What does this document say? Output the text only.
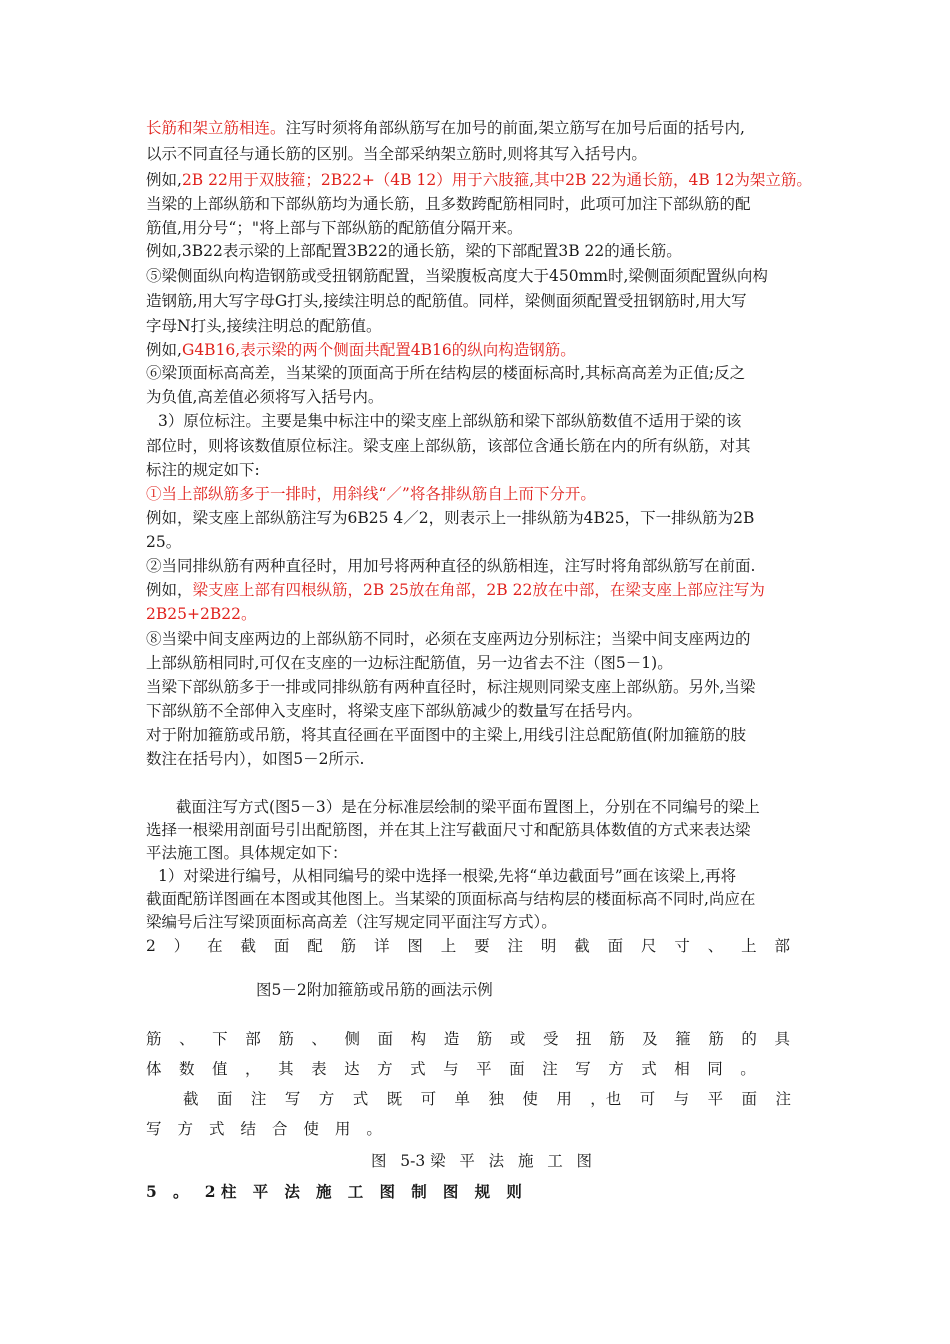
长筋和架立筋相连。注写时须将角部纵筋写在加号的前面,架立筋写在加号后面的括号内,
以示不同直径与通长筋的区别。当全部采纳架立筋时,则将其写入括号内。
例如,2B 22用于双肢箍；2B22+（4B 12）用于六肢箍,其中2B 22为通长筋，4B 12为架立筋。
当梁的上部纵筋和下部纵筋均为通长筋，且多数跨配筋相同时，此项可加注下部纵筋的配
筋值,用分号“；"将上部与下部纵筋的配筋值分隔开来。
例如,3B22表示梁的上部配置3B22的通长筋，梁的下部配置3B 22的通长筋。
⑤梁侧面纵向构造钢筋或受扭钢筋配置，当梁腹板高度大于450mm时,梁侧面须配置纵向构
造钢筋,用大写字母G打头,接续注明总的配筋值。同样，梁侧面须配置受扭钢筋时,用大写
字母N打头,接续注明总的配筋值。
例如,G4B16,表示梁的两个侧面共配置4B16的纵向构造钢筋。
⑥梁顶面标高高差，当某梁的顶面高于所在结构层的楼面标高时,其标高高差为正值;反之
为负值,高差值必须将写入括号内。
3）原位标注。主要是集中标注中的梁支座上部纵筋和梁下部纵筋数值不适用于梁的该
部位时，则将该数值原位标注。梁支座上部纵筋，该部位含通长筋在内的所有纵筋，对其
标注的规定如下:
①当上部纵筋多于一排时，用斜线“／”将各排纵筋自上而下分开。
例如，梁支座上部纵筋注写为6B25 4／2，则表示上一排纵筋为4B25，下一排纵筋为2B
25。
②当同排纵筋有两种直径时，用加号将两种直径的纵筋相连，注写时将角部纵筋写在前面.
例如，梁支座上部有四根纵筋，2B 25放在角部，2B 22放在中部，在梁支座上部应注写为
2B25+2B22。
⑧当梁中间支座两边的上部纵筋不同时，必须在支座两边分别标注；当梁中间支座两边的
上部纵筋相同时,可仅在支座的一边标注配筋值，另一边省去不注（图5－1)。
当梁下部纵筋多于一排或同排纵筋有两种直径时，标注规则同梁支座上部纵筋。另外,当梁
下部纵筋不全部伸入支座时，将梁支座下部纵筋减少的数量写在括号内。
对于附加箍筋或吊筋，将其直径画在平面图中的主梁上,用线引注总配筋值(附加箍筋的肢
数注在括号内），如图5－2所示.
截面注写方式(图5－3）是在分标准层绘制的梁平面布置图上，分别在不同编号的梁上
选择一根梁用剖面号引出配筋图，并在其上注写截面尺寸和配筋具体数值的方式来表达梁
平法施工图。具体规定如下：
1）对梁进行编号，从相同编号的梁中选择一根梁,先将“单边截面号”画在该梁上,再将
截面配筋详图画在本图或其他图上。当某梁的顶面标高与结构层的楼面标高不同时,尚应在
梁编号后注写梁顶面标高高差（注写规定同平面注写方式）。
2 ） 在 截 面 配 筋 详 图 上 要 注 明 截 面 尺 寸 、 上 部
图5－2附加箍筋或吊筋的画法示例
筋 、 下 部 筋 、 侧 面 构 造 筋 或 受 扭 筋 及 箍 筋 的 具
体 数 值 ， 其 表 达 方 式 与 平 面 注 写 方 式 相 同 。
截 面 注 写 方 式 既 可 单 独 使 用 ，也 可 与 平 面 注
写 方 式 结 合 使 用 。
图 5-3 梁 平 法 施 工 图
5 。 2 柱 平 法 施 工 图 制 图 规 则
